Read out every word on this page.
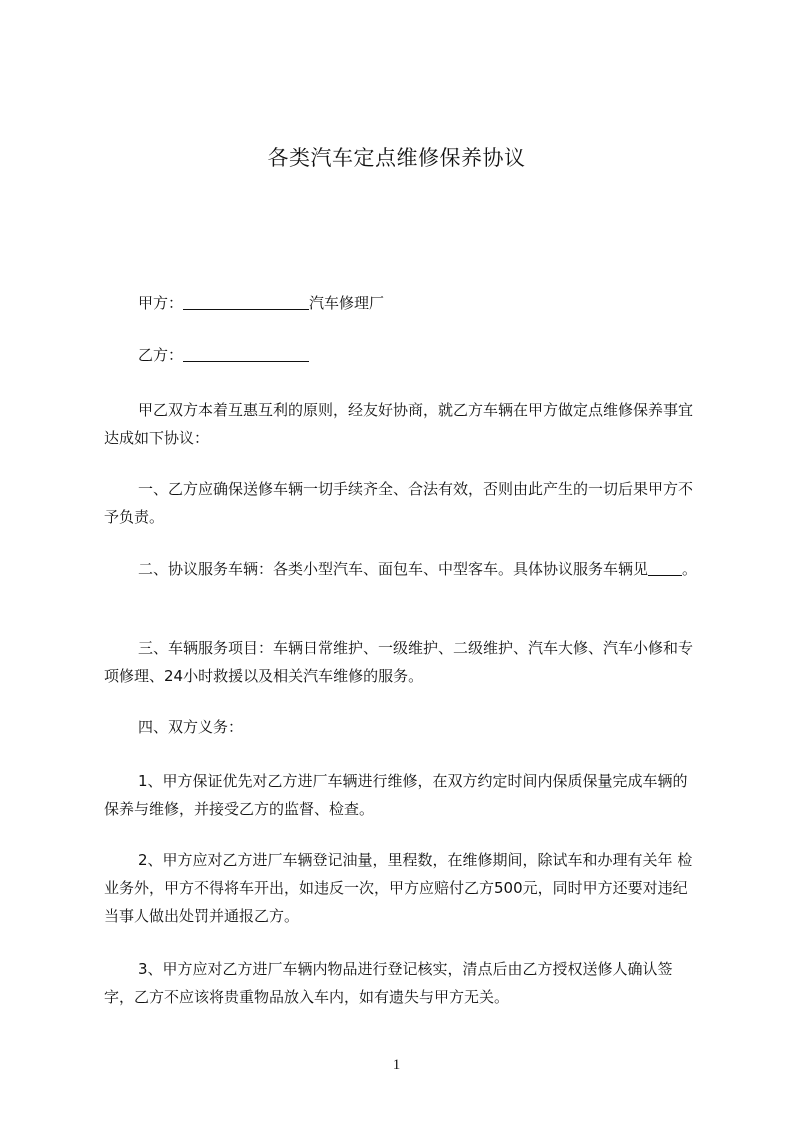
各类汽车定点维修保养协议

甲方：	汽车修理厂

乙方：

甲乙双方本着互惠互利的原则，经友好协商，就乙方车辆在甲方做定点维修保养事宜达成如下协议：

一、乙方应确保送修车辆一切手续齐全、合法有效，否则由此产生的一切后果甲方不予负责。

二、协议服务车辆：各类小型汽车、面包车、中型客车。具体协议服务车辆见 。

三、车辆服务项目：车辆日常维护、一级维护、二级维护、汽车大修、汽车小修和专项修理、24小时救援以及相关汽车维修的服务。

四、双方义务：

1、甲方保证优先对乙方进厂车辆进行维修，在双方约定时间内保质保量完成车辆的保养与维修，并接受乙方的监督、检查。

2、甲方应对乙方进厂车辆登记油量，里程数，在维修期间，除试车和办理有关年 检业务外，甲方不得将车开出，如违反一次，甲方应赔付乙方500元，同时甲方还要对违纪当事人做出处罚并通报乙方。

3、甲方应对乙方进厂车辆内物品进行登记核实，清点后由乙方授权送修人确认签字，乙方不应该将贵重物品放入车内，如有遗失与甲方无关。

1
